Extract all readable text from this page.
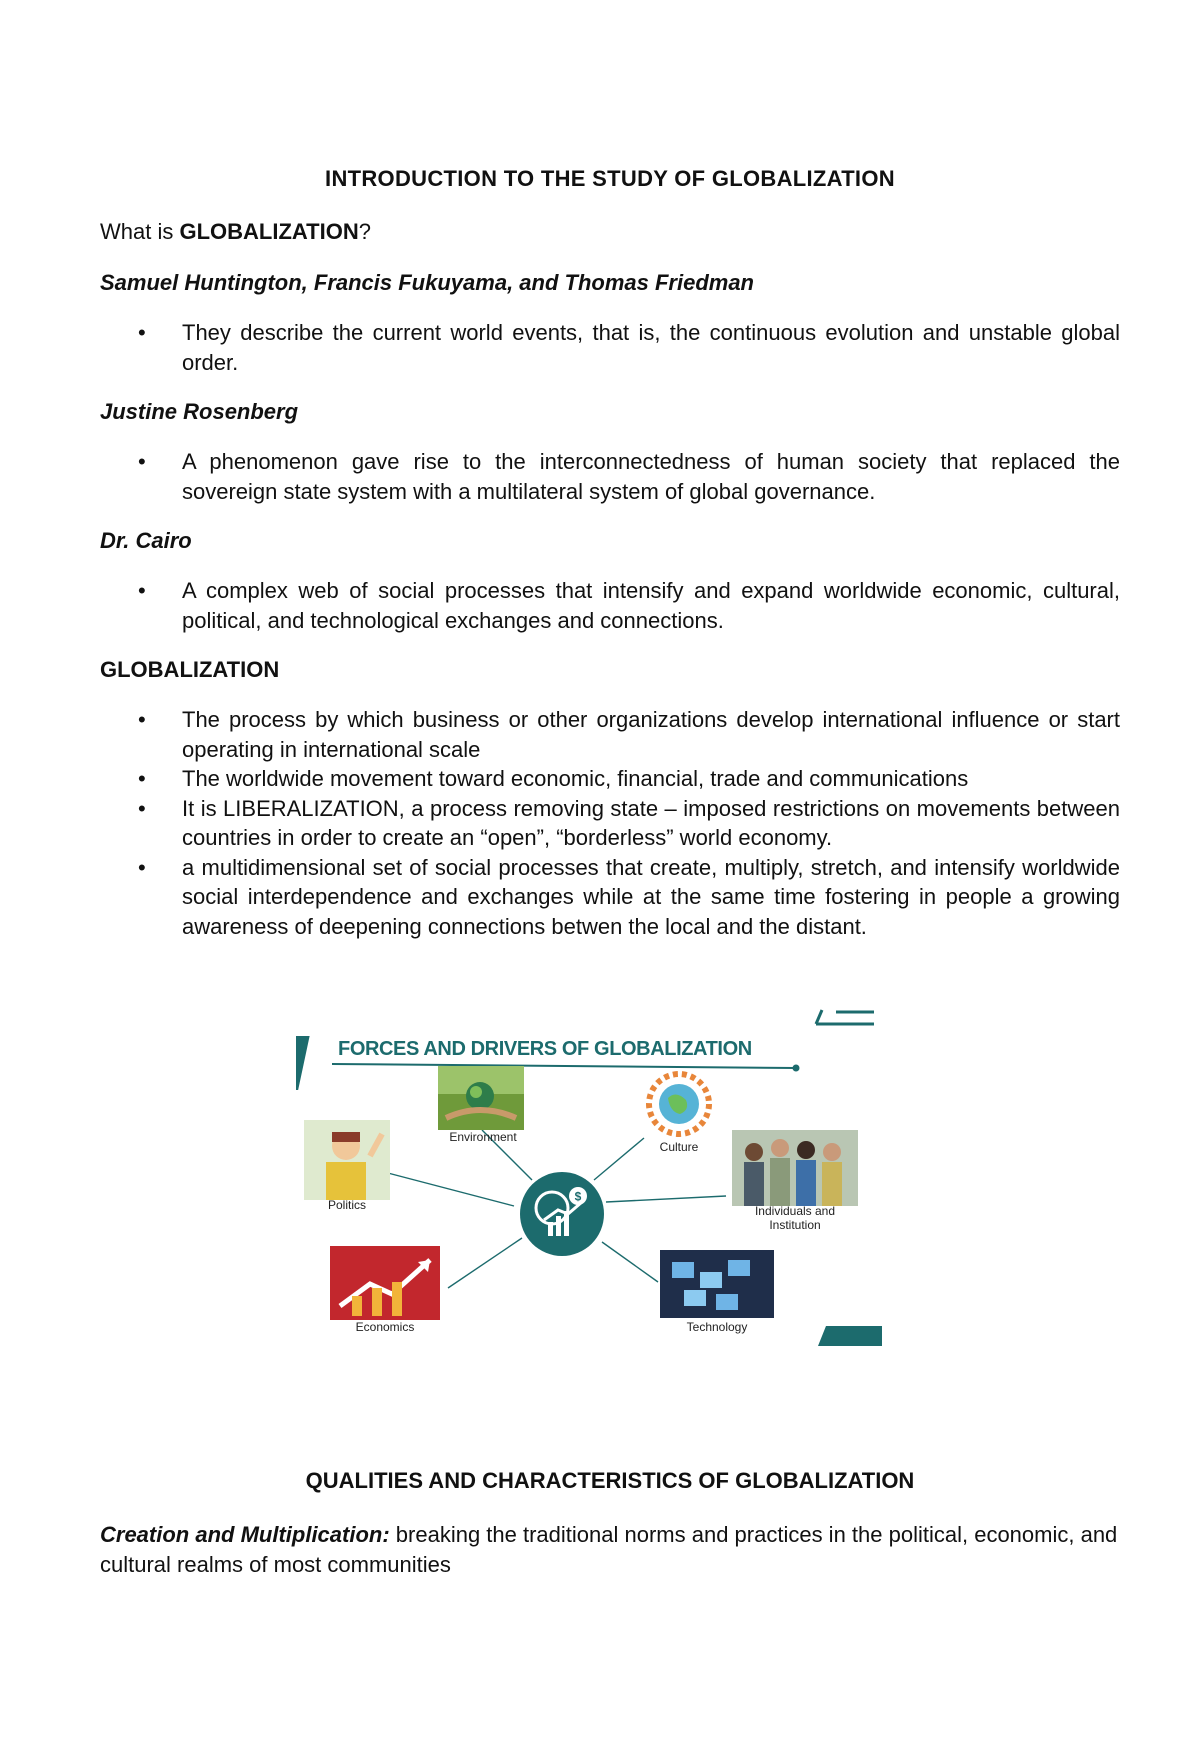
INTRODUCTION TO THE STUDY OF GLOBALIZATION
What is GLOBALIZATION?
Samuel Huntington, Francis Fukuyama, and Thomas Friedman
• They describe the current world events, that is, the continuous evolution and unstable global order.
Justine Rosenberg
• A phenomenon gave rise to the interconnectedness of human society that replaced the sovereign state system with a multilateral system of global governance.
Dr. Cairo
• A complex web of social processes that intensify and expand worldwide economic, cultural, political, and technological exchanges and connections.
GLOBALIZATION
• The process by which business or other organizations develop international influence or start operating in international scale
• The worldwide movement toward economic, financial, trade and communications
• It is LIBERALIZATION, a process removing state – imposed restrictions on movements between countries in order to create an “open”, “borderless” world economy.
• a multidimensional set of social processes that create, multiply, stretch, and intensify worldwide social interdependence and exchanges while at the same time fostering in people a growing awareness of deepening connections betwen the local and the distant.
$
FORCES AND DRIVERS OF GLOBALIZATION
Environment
Culture
Politics	Individuals and Institution
Economics	Technology
QUALITIES AND CHARACTERISTICS OF GLOBALIZATION
Creation and Multiplication: breaking the traditional norms and practices in the political, economic, and cultural realms of most communities
